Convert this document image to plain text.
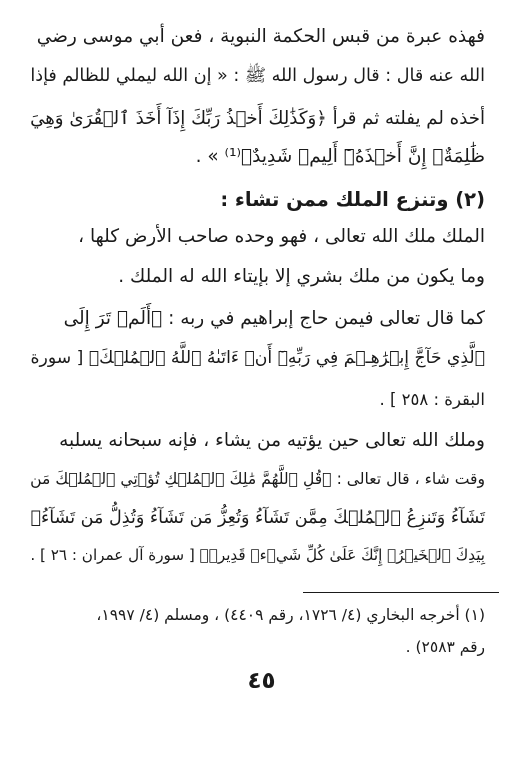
فهذه عبرة من قبس الحكمة النبوية ، فعن أبي موسى رضي
الله عنه قال : قال رسول الله ﷺ : « إن الله ليملي للظالم فإذا
أخذه لم يفلته ثم قرأ ﴿وَكَذَٰلِكَ أَخۡذُ رَبِّكَ إِذَآ أَخَذَ ٱلۡقُرَىٰ وَهِيَ
ظَٰلِمَةٌۚ إِنَّ أَخۡذَهُۥٓ أَلِيمٞ شَدِيدٌ﴾⁽¹⁾ » .
(٢) وتنزع الملك ممن تشاء :
الملك ملك الله تعالى ، فهو وحده صاحب الأرض كلها ،
وما يكون من ملك بشري إلا بإيتاء الله له الملك .
كما قال تعالى فيمن حاج إبراهيم في ربه : ﴿أَلَمۡ تَرَ إِلَى
ٱلَّذِي حَآجَّ إِبۡرَٰهِـۧمَ فِي رَبِّهِۦٓ أَنۡ ءَاتَىٰهُ ٱللَّهُ ٱلۡمُلۡكَ﴾ [ سورة
البقرة : ٢٥٨ ] .
وملك الله تعالى حين يؤتيه من يشاء ، فإنه سبحانه يسلبه
وقت شاء ، قال تعالى : ﴿قُلِ ٱللَّهُمَّ مَٰلِكَ ٱلۡمُلۡكِ تُؤۡتِي ٱلۡمُلۡكَ مَن
تَشَآءُ وَتَنزِعُ ٱلۡمُلۡكَ مِمَّن تَشَآءُ وَتُعِزُّ مَن تَشَآءُ وَتُذِلُّ مَن تَشَآءُۖ
بِيَدِكَ ٱلۡخَيۡرُۖ إِنَّكَ عَلَىٰ كُلِّ شَيۡءٖ قَدِيرٞ﴾ [ سورة آل عمران : ٢٦ ] .
(١) أخرجه البخاري (٤/ ١٧٢٦، رقم ٤٤٠٩) ، ومسلم (٤/ ١٩٩٧،
رقم ٢٥٨٣) .
٤٥
